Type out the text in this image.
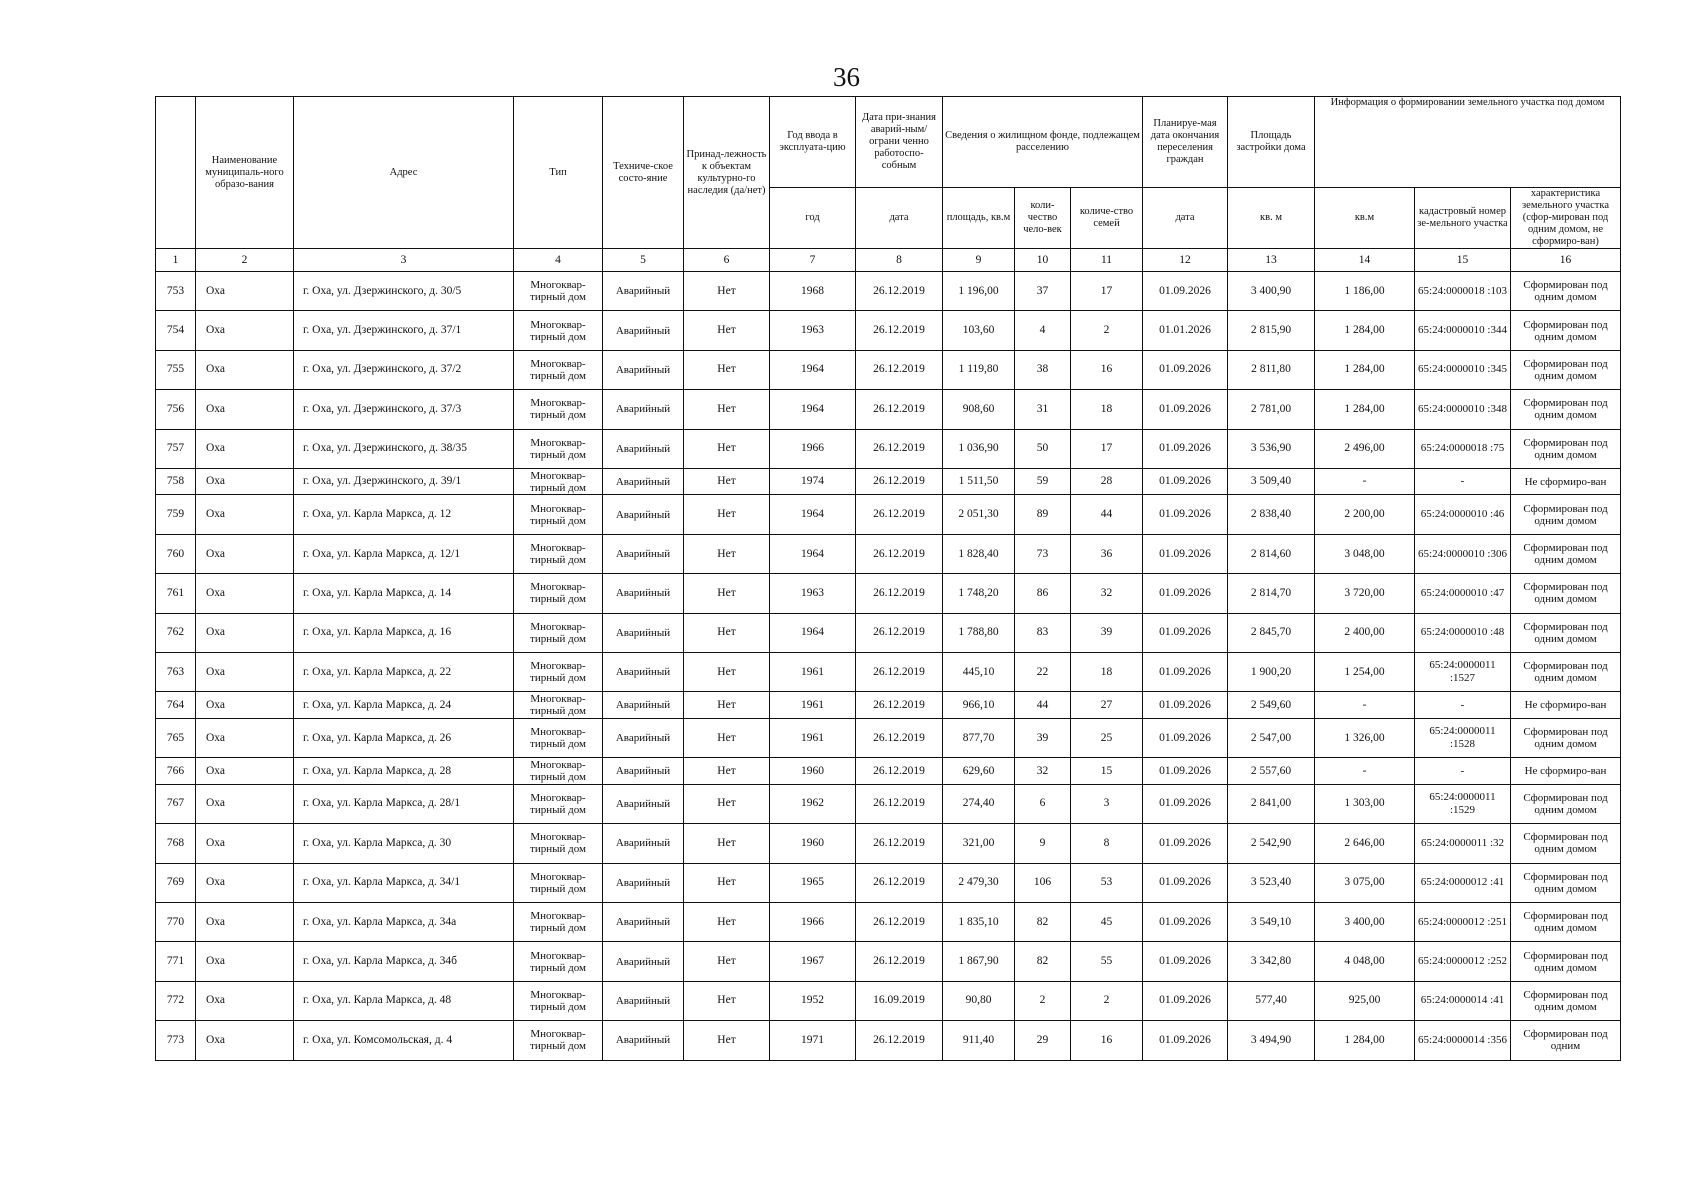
36
	Наименование муниципаль-ного образо-вания	Адрес	Тип	Техниче-ское состо-яние	Принад-лежность к объектам культурно-го наследия (да/нет)	Год ввода в эксплуата-цию	Дата при-знания аварий-ным/ограни ченно работоспо-собным	Сведения о жилищном фонде, подлежащем расселению			Планируе-мая дата окончания переселения граждан	Площадь застройки дома	Информация о формировании земельного участка под домом		
						год	дата	площадь, кв.м	коли-чество чело-век	количе-ство семей	дата	кв. м	кв.м	кадастровый номер зе-мельного участка	характеристика земельного участка (сфор-мирован под одним домом, не сформиро-ван)
1	2	3	4	5	6	7	8	9	10	11	12	13	14	15	16
753	Оха	г. Оха, ул. Дзержинского, д. 30/5	Многоквар-тирный дом	Аварийный	Нет	1968	26.12.2019	1 196,00	37	17	01.09.2026	3 400,90	1 186,00	65:24:0000018 :103	Сформирован под одним домом
754	Оха	г. Оха, ул. Дзержинского, д. 37/1	Многоквар-тирный дом	Аварийный	Нет	1963	26.12.2019	103,60	4	2	01.01.2026	2 815,90	1 284,00	65:24:0000010 :344	Сформирован под одним домом
755	Оха	г. Оха, ул. Дзержинского, д. 37/2	Многоквар-тирный дом	Аварийный	Нет	1964	26.12.2019	1 119,80	38	16	01.09.2026	2 811,80	1 284,00	65:24:0000010 :345	Сформирован под одним домом
756	Оха	г. Оха, ул. Дзержинского, д. 37/3	Многоквар-тирный дом	Аварийный	Нет	1964	26.12.2019	908,60	31	18	01.09.2026	2 781,00	1 284,00	65:24:0000010 :348	Сформирован под одним домом
757	Оха	г. Оха, ул. Дзержинского, д. 38/35	Многоквар-тирный дом	Аварийный	Нет	1966	26.12.2019	1 036,90	50	17	01.09.2026	3 536,90	2 496,00	65:24:0000018 :75	Сформирован под одним домом
758	Оха	г. Оха, ул. Дзержинского, д. 39/1	Многоквар-тирный дом	Аварийный	Нет	1974	26.12.2019	1 511,50	59	28	01.09.2026	3 509,40	-	-	Не сформиро-ван
759	Оха	г. Оха, ул. Карла Маркса, д. 12	Многоквар-тирный дом	Аварийный	Нет	1964	26.12.2019	2 051,30	89	44	01.09.2026	2 838,40	2 200,00	65:24:0000010 :46	Сформирован под одним домом
760	Оха	г. Оха, ул. Карла Маркса, д. 12/1	Многоквар-тирный дом	Аварийный	Нет	1964	26.12.2019	1 828,40	73	36	01.09.2026	2 814,60	3 048,00	65:24:0000010 :306	Сформирован под одним домом
761	Оха	г. Оха, ул. Карла Маркса, д. 14	Многоквар-тирный дом	Аварийный	Нет	1963	26.12.2019	1 748,20	86	32	01.09.2026	2 814,70	3 720,00	65:24:0000010 :47	Сформирован под одним домом
762	Оха	г. Оха, ул. Карла Маркса, д. 16	Многоквар-тирный дом	Аварийный	Нет	1964	26.12.2019	1 788,80	83	39	01.09.2026	2 845,70	2 400,00	65:24:0000010 :48	Сформирован под одним домом
763	Оха	г. Оха, ул. Карла Маркса, д. 22	Многоквар-тирный дом	Аварийный	Нет	1961	26.12.2019	445,10	22	18	01.09.2026	1 900,20	1 254,00	65:24:0000011 :1527	Сформирован под одним домом
764	Оха	г. Оха, ул. Карла Маркса, д. 24	Многоквар-тирный дом	Аварийный	Нет	1961	26.12.2019	966,10	44	27	01.09.2026	2 549,60	-	-	Не сформиро-ван
765	Оха	г. Оха, ул. Карла Маркса, д. 26	Многоквар-тирный дом	Аварийный	Нет	1961	26.12.2019	877,70	39	25	01.09.2026	2 547,00	1 326,00	65:24:0000011 :1528	Сформирован под одним домом
766	Оха	г. Оха, ул. Карла Маркса, д. 28	Многоквар-тирный дом	Аварийный	Нет	1960	26.12.2019	629,60	32	15	01.09.2026	2 557,60	-	-	Не сформиро-ван
767	Оха	г. Оха, ул. Карла Маркса, д. 28/1	Многоквар-тирный дом	Аварийный	Нет	1962	26.12.2019	274,40	6	3	01.09.2026	2 841,00	1 303,00	65:24:0000011 :1529	Сформирован под одним домом
768	Оха	г. Оха, ул. Карла Маркса, д. 30	Многоквар-тирный дом	Аварийный	Нет	1960	26.12.2019	321,00	9	8	01.09.2026	2 542,90	2 646,00	65:24:0000011 :32	Сформирован под одним домом
769	Оха	г. Оха, ул. Карла Маркса, д. 34/1	Многоквар-тирный дом	Аварийный	Нет	1965	26.12.2019	2 479,30	106	53	01.09.2026	3 523,40	3 075,00	65:24:0000012 :41	Сформирован под одним домом
770	Оха	г. Оха, ул. Карла Маркса, д. 34а	Многоквар-тирный дом	Аварийный	Нет	1966	26.12.2019	1 835,10	82	45	01.09.2026	3 549,10	3 400,00	65:24:0000012 :251	Сформирован под одним домом
771	Оха	г. Оха, ул. Карла Маркса, д. 34б	Многоквар-тирный дом	Аварийный	Нет	1967	26.12.2019	1 867,90	82	55	01.09.2026	3 342,80	4 048,00	65:24:0000012 :252	Сформирован под одним домом
772	Оха	г. Оха, ул. Карла Маркса, д. 48	Многоквар-тирный дом	Аварийный	Нет	1952	16.09.2019	90,80	2	2	01.09.2026	577,40	925,00	65:24:0000014 :41	Сформирован под одним домом
773	Оха	г. Оха, ул. Комсомольская, д. 4	Многоквар-тирный дом	Аварийный	Нет	1971	26.12.2019	911,40	29	16	01.09.2026	3 494,90	1 284,00	65:24:0000014 :356	Сформирован под одним
